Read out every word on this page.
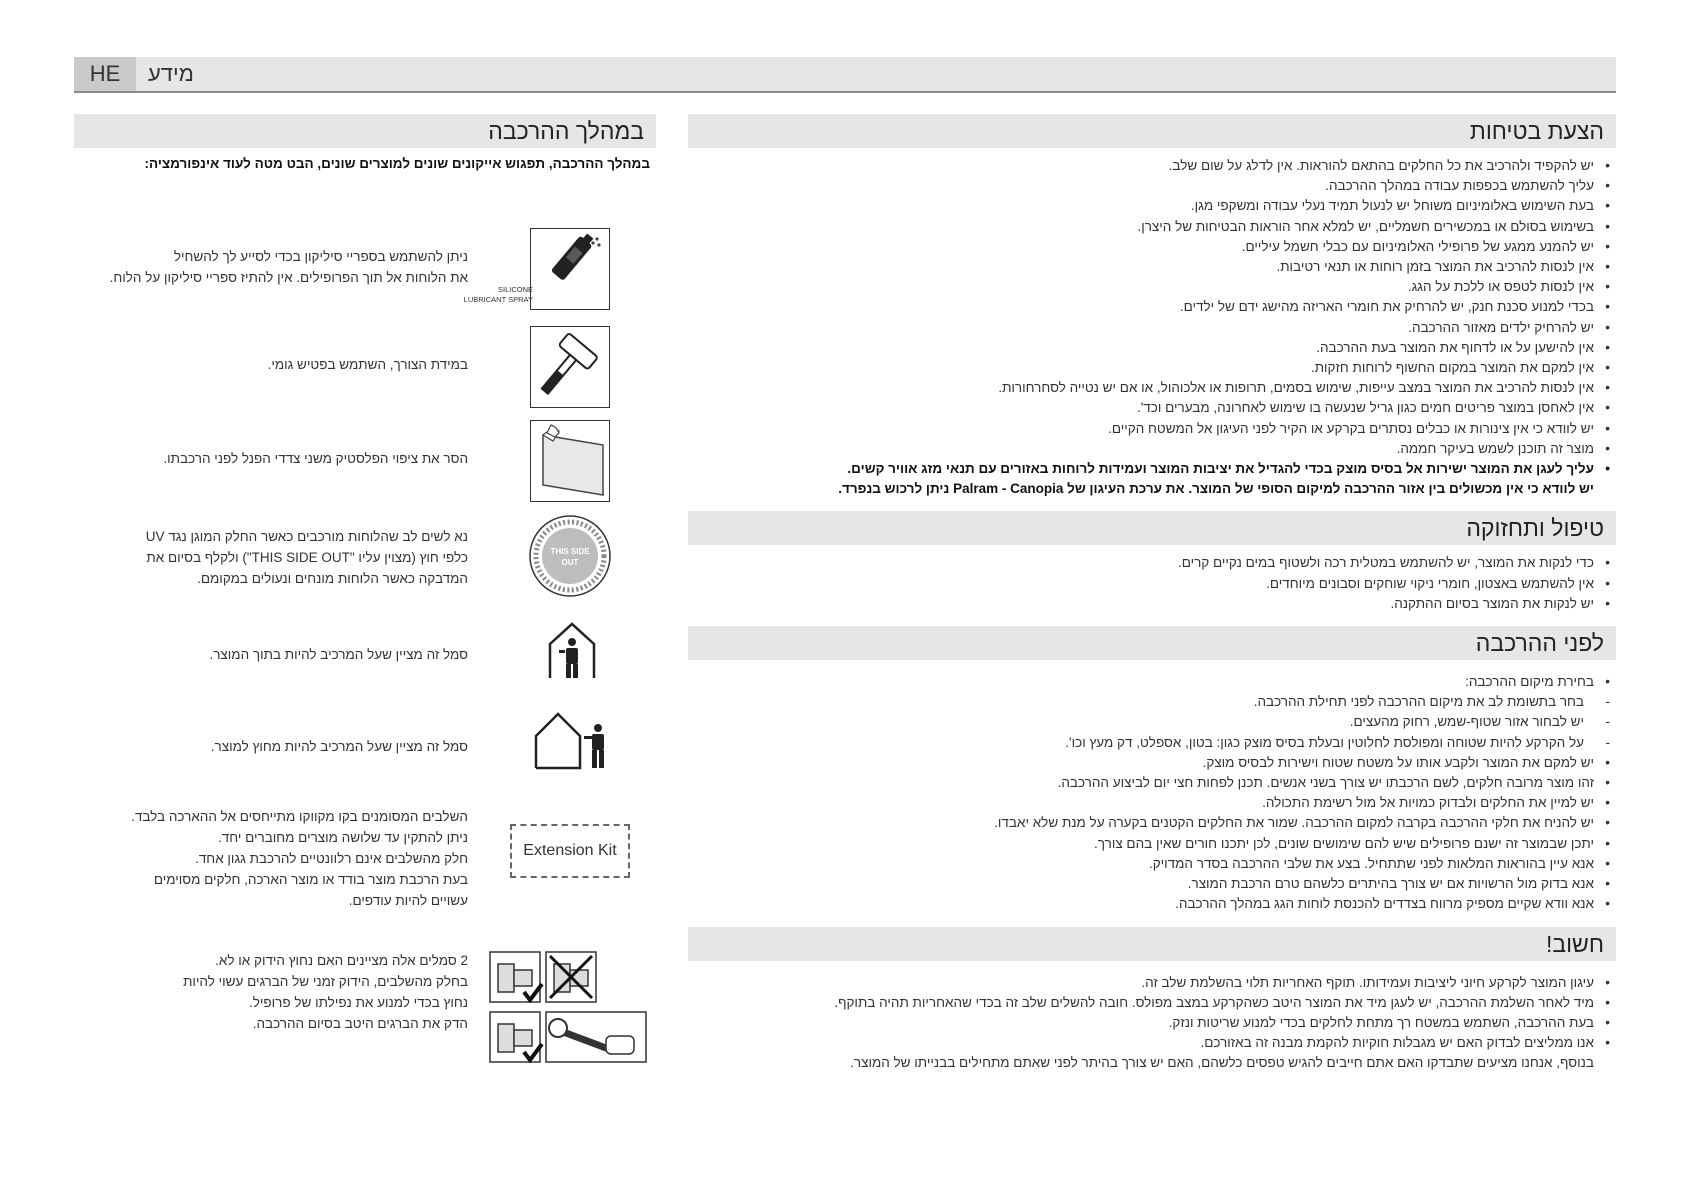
HE	מידע
הצעת בטיחות
• יש להקפיד ולהרכיב את כל החלקים בהתאם להוראות. אין לדלג על שום שלב.
• עליך להשתמש בכפפות עבודה במהלך ההרכבה.
• בעת השימוש באלומיניום משוחל יש לנעול תמיד נעלי עבודה ומשקפי מגן.
• בשימוש בסולם או במכשירים חשמליים, יש למלא אחר הוראות הבטיחות של היצרן.
• יש להמנע ממגע של פרופילי האלומיניום עם כבלי חשמל עיליים.
• אין לנסות להרכיב את המוצר בזמן רוחות או תנאי רטיבות.
• אין לנסות לטפס או ללכת על הגג.
• בכדי למנוע סכנת חנק, יש להרחיק את חומרי האריזה מהישג ידם של ילדים.
• יש להרחיק ילדים מאזור ההרכבה.
• אין להישען על או לדחוף את המוצר בעת ההרכבה.
• אין למקם את המוצר במקום החשוף לרוחות חזקות.
• אין לנסות להרכיב את המוצר במצב עייפות, שימוש בסמים, תרופות או אלכוהול, או אם יש נטייה לסחרחורות.
• אין לאחסן במוצר פריטים חמים כגון גריל שנעשה בו שימוש לאחרונה, מבערים וכד'.
• יש לוודא כי אין צינורות או כבלים נסתרים בקרקע או הקיר לפני העיגון אל המשטח הקיים.
• מוצר זה תוכנן לשמש בעיקר חממה.
• עליך לעגן את המוצר ישירות אל בסיס מוצק בכדי להגדיל את יציבות המוצר ועמידות לרוחות באזורים עם תנאי מזג אוויר קשים.
יש לוודא כי אין מכשולים בין אזור ההרכבה למיקום הסופי של המוצר. את ערכת העיגון של Palram - Canopia ניתן לרכוש בנפרד.
טיפול ותחזוקה
• כדי לנקות את המוצר, יש להשתמש במטלית רכה ולשטוף במים נקיים קרים.
• אין להשתמש באצטון, חומרי ניקוי שוחקים וסבונים מיוחדים.
• יש לנקות את המוצר בסיום ההתקנה.
לפני ההרכבה
• בחירת מיקום ההרכבה:
- בחר בתשומת לב את מיקום ההרכבה לפני תחילת ההרכבה.
- יש לבחור אזור שטוף-שמש, רחוק מהעצים.
- על הקרקע להיות שטוחה ומפולסת לחלוטין ובעלת בסיס מוצק כגון: בטון, אספלט, דק מעץ וכו'.
• יש למקם את המוצר ולקבע אותו על משטח שטוח וישירות לבסיס מוצק.
• זהו מוצר מרובה חלקים, לשם הרכבתו יש צורך בשני אנשים. תכנן לפחות חצי יום לביצוע ההרכבה.
• יש למיין את החלקים ולבדוק כמויות אל מול רשימת התכולה.
• יש להניח את חלקי ההרכבה בקרבה למקום ההרכבה. שמור את החלקים הקטנים בקערה על מנת שלא יאבדו.
• יתכן שבמוצר זה ישנם פרופילים שיש להם שימושים שונים, לכן יתכנו חורים שאין בהם צורך.
• אנא עיין בהוראות המלאות לפני שתתחיל. בצע את שלבי ההרכבה בסדר המדויק.
• אנא בדוק מול הרשויות אם יש צורך בהיתרים כלשהם טרם הרכבת המוצר.
• אנא וודא שקיים מספיק מרווח בצדדים להכנסת לוחות הגג במהלך ההרכבה.
חשוב!
• עיגון המוצר לקרקע חיוני ליציבות ועמידותו. תוקף האחריות תלוי בהשלמת שלב זה.
• מיד לאחר השלמת ההרכבה, יש לעגן מיד את המוצר היטב כשהקרקע במצב מפולס. חובה להשלים שלב זה בכדי שהאחריות תהיה בתוקף.
• בעת ההרכבה, השתמש במשטח רך מתחת לחלקים בכדי למנוע שריטות ונזק.
• אנו ממליצים לבדוק האם יש מגבלות חוקיות להקמת מבנה זה באזורכם.
בנוסף, אנחנו מציעים שתבדקו האם אתם חייבים להגיש טפסים כלשהם, האם יש צורך בהיתר לפני שאתם מתחילים בבנייתו של המוצר.
במהלך ההרכבה
במהלך ההרכבה, תפגוש אייקונים שונים למוצרים שונים, הבט מטה לעוד אינפורמציה:
ניתן להשתמש בספריי סיליקון בכדי לסייע לך להשחיל
את הלוחות אל תוך הפרופילים. אין להתיז ספריי סיליקון על הלוח.
SILICONE
LUBRICANT SPRAY
במידת הצורך, השתמש בפטיש גומי.
הסר את ציפוי הפלסטיק משני צדדי הפנל לפני הרכבתו.
נא לשים לב שהלוחות מורכבים כאשר החלק המוגן נגד UV
כלפי חוץ (מצוין עליו "THIS SIDE OUT") ולקלף בסיום את
המדבקה כאשר הלוחות מונחים ונעולים במקומם.
THIS SIDE
OUT
סמל זה מציין שעל המרכיב להיות בתוך המוצר.
סמל זה מציין שעל המרכיב להיות מחוץ למוצר.
השלבים המסומנים בקו מקווקו מתייחסים אל ההארכה בלבד.
ניתן להתקין עד שלושה מוצרים מחוברים יחד.
חלק מהשלבים אינם רלוונטיים להרכבת גגון אחד.
בעת הרכבת מוצר בודד או מוצר הארכה, חלקים מסוימים
עשויים להיות עודפים.
Extension Kit
2 סמלים אלה מציינים האם נחוץ הידוק או לא.
בחלק מהשלבים, הידוק זמני של הברגים עשוי להיות
נחוץ בכדי למנוע את נפילתו של פרופיל.
הדק את הברגים היטב בסיום ההרכבה.
